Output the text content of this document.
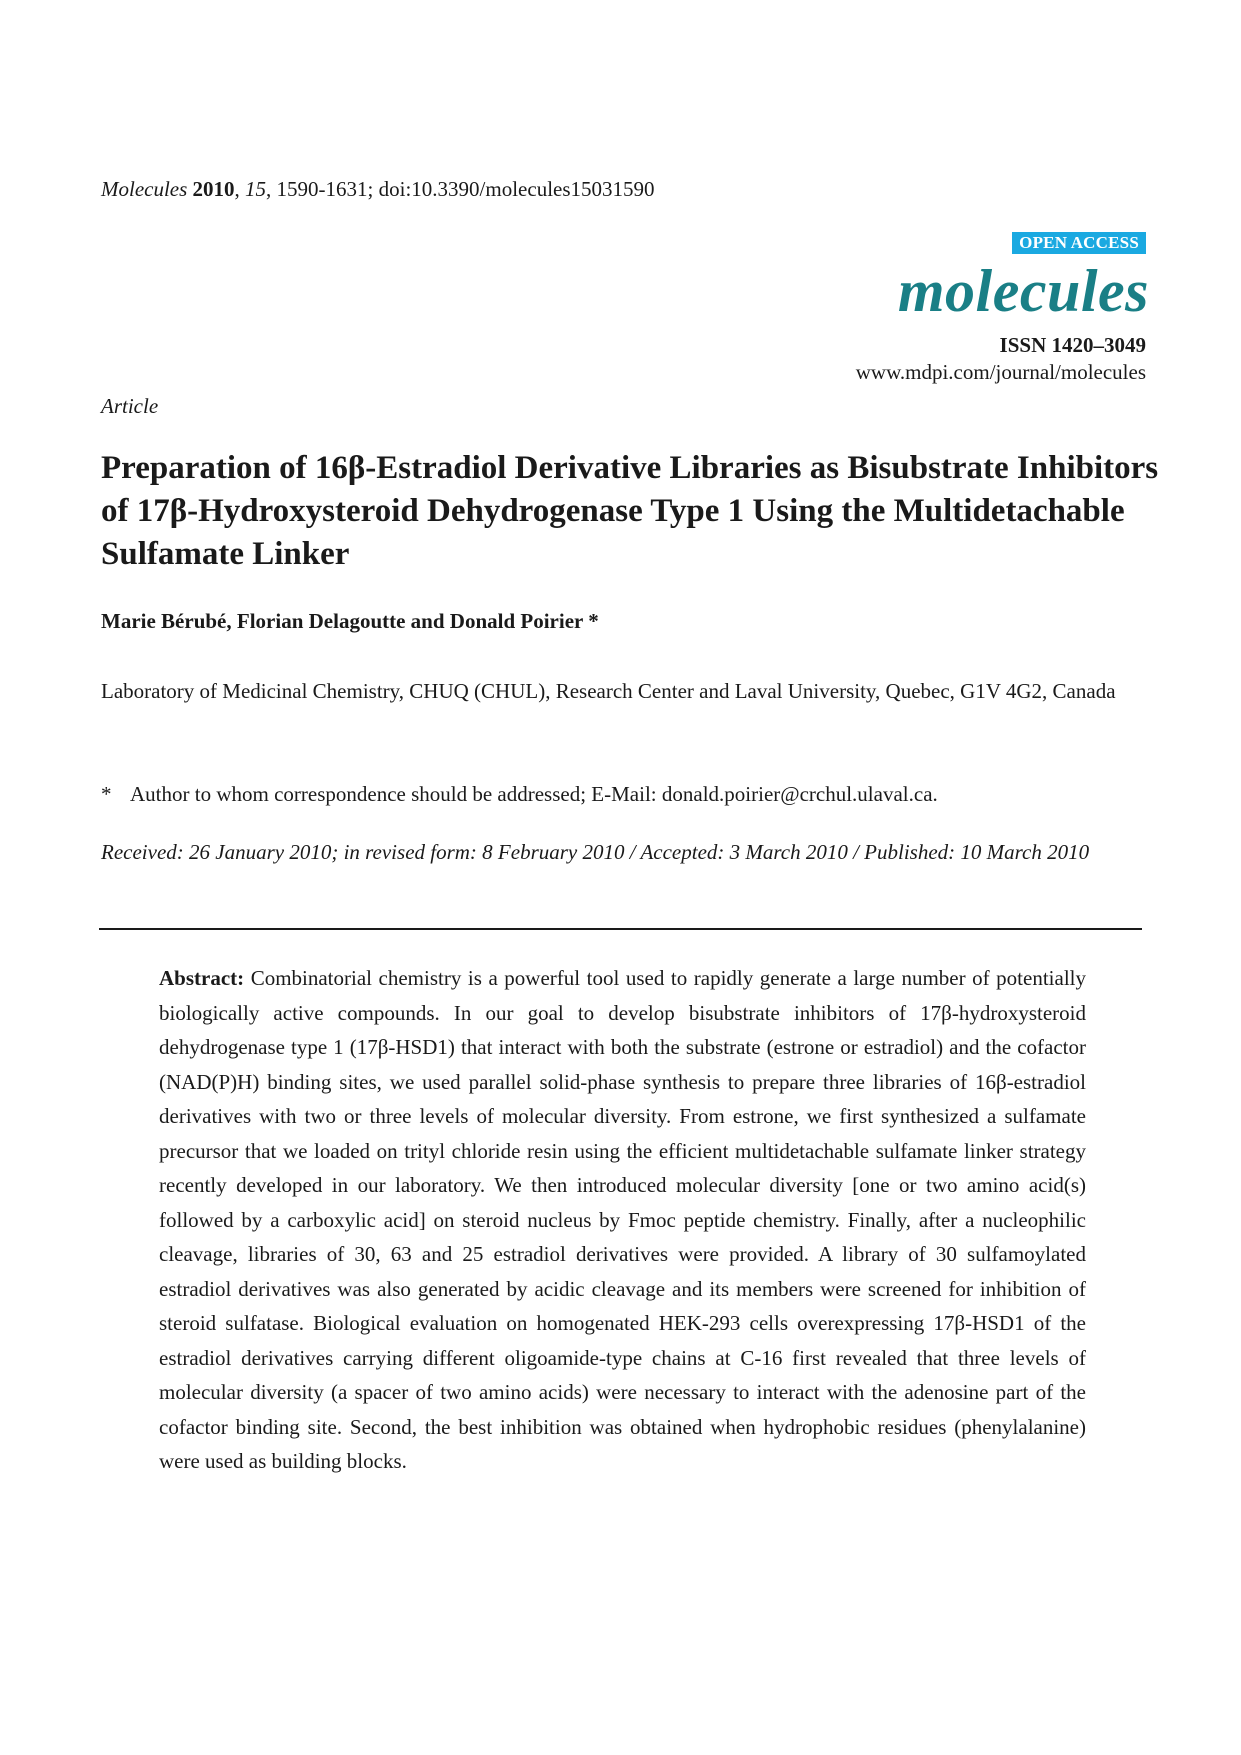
Molecules 2010, 15, 1590-1631; doi:10.3390/molecules15031590
OPEN ACCESS
molecules
ISSN 1420–3049
www.mdpi.com/journal/molecules
Article
Preparation of 16β-Estradiol Derivative Libraries as Bisubstrate Inhibitors of 17β-Hydroxysteroid Dehydrogenase Type 1 Using the Multidetachable Sulfamate Linker
Marie Bérubé, Florian Delagoutte and Donald Poirier *
Laboratory of Medicinal Chemistry, CHUQ (CHUL), Research Center and Laval University, Quebec, G1V 4G2, Canada
* Author to whom correspondence should be addressed; E-Mail: donald.poirier@crchul.ulaval.ca.
Received: 26 January 2010; in revised form: 8 February 2010 / Accepted: 3 March 2010 / Published: 10 March 2010

Abstract: Combinatorial chemistry is a powerful tool used to rapidly generate a large number of potentially biologically active compounds. In our goal to develop bisubstrate inhibitors of 17β-hydroxysteroid dehydrogenase type 1 (17β-HSD1) that interact with both the substrate (estrone or estradiol) and the cofactor (NAD(P)H) binding sites, we used parallel solid-phase synthesis to prepare three libraries of 16β-estradiol derivatives with two or three levels of molecular diversity. From estrone, we first synthesized a sulfamate precursor that we loaded on trityl chloride resin using the efficient multidetachable sulfamate linker strategy recently developed in our laboratory. We then introduced molecular diversity [one or two amino acid(s) followed by a carboxylic acid] on steroid nucleus by Fmoc peptide chemistry. Finally, after a nucleophilic cleavage, libraries of 30, 63 and 25 estradiol derivatives were provided. A library of 30 sulfamoylated estradiol derivatives was also generated by acidic cleavage and its members were screened for inhibition of steroid sulfatase. Biological evaluation on homogenated HEK-293 cells overexpressing 17β-HSD1 of the estradiol derivatives carrying different oligoamide-type chains at C-16 first revealed that three levels of molecular diversity (a spacer of two amino acids) were necessary to interact with the adenosine part of the cofactor binding site. Second, the best inhibition was obtained when hydrophobic residues (phenylalanine) were used as building blocks.
